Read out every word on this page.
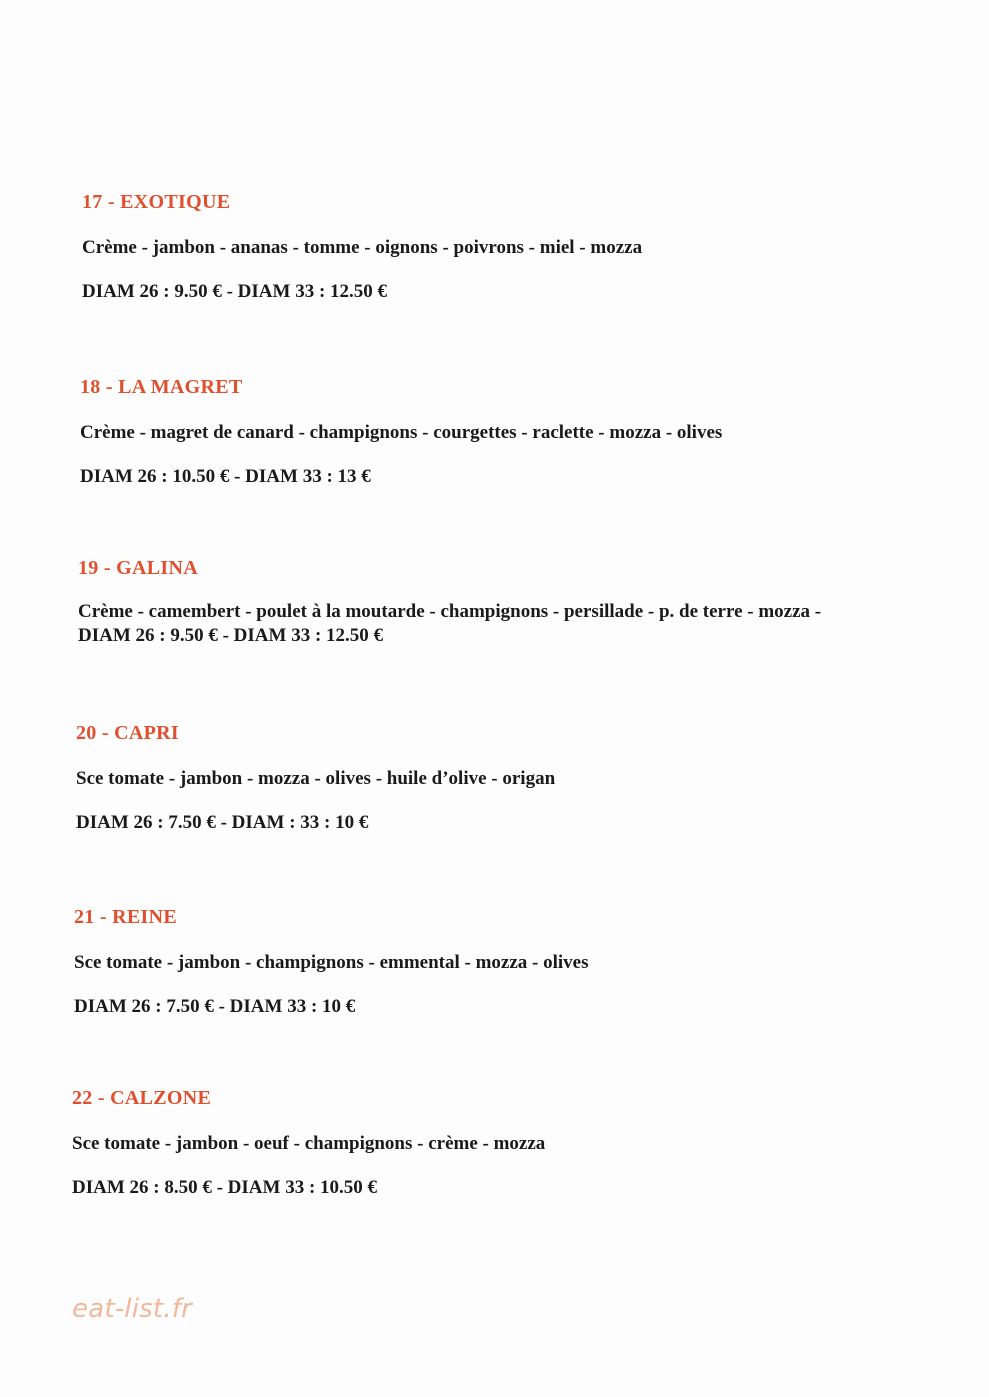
17 - EXOTIQUE

Crème - jambon - ananas - tomme - oignons - poivrons - miel - mozza

DIAM 26 : 9.50 € - DIAM 33 : 12.50 €

18 - LA MAGRET

Crème - magret de canard - champignons - courgettes - raclette - mozza - olives

DIAM 26 : 10.50 € - DIAM 33 : 13 €

19 - GALINA

Crème - camembert - poulet à la moutarde - champignons - persillade - p. de terre - mozza - DIAM 26 : 9.50 € - DIAM 33 : 12.50 €

20 - CAPRI

Sce tomate - jambon - mozza - olives - huile d’olive - origan

DIAM 26 : 7.50 € - DIAM : 33 : 10 €

21 - REINE

Sce tomate - jambon - champignons - emmental - mozza - olives

DIAM 26 : 7.50 € - DIAM 33 : 10 €

22 - CALZONE

Sce tomate - jambon - oeuf - champignons - crème - mozza

DIAM 26 : 8.50 € - DIAM 33 : 10.50 €

eat-list.fr
